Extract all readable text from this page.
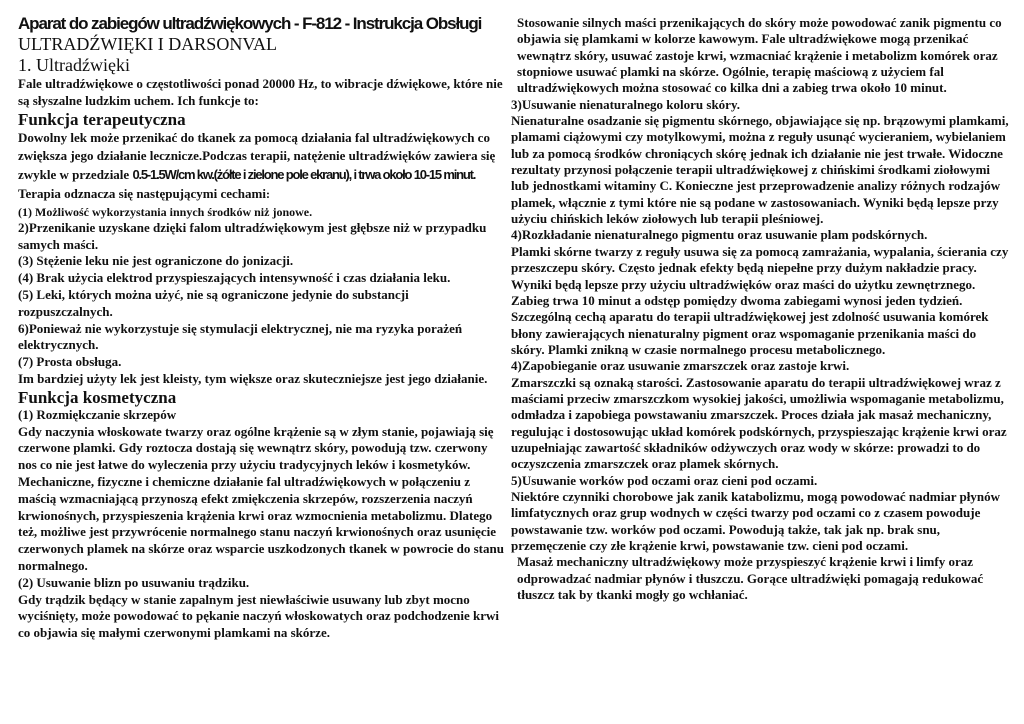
Aparat do zabiegów ultradźwiękowych - F-812 - Instrukcja Obsługi

ULTRADŹWIĘKI I DARSONVAL

1. Ultradźwięki

Fale ultradźwiękowe o częstotliwości ponad 20000 Hz, to wibracje dźwiękowe, które nie są słyszalne ludzkim uchem. Ich funkcje to:

Funkcja terapeutyczna

Dowolny lek może przenikać do tkanek za pomocą działania fal ultradźwiękowych co zwiększa jego działanie lecznicze.Podczas terapii, natężenie ultradźwięków zawiera się zwykle w przedziale 0.5-1.5W/cm kw.(żółte i zielone pole ekranu), i trwa około 10-15 minut. Terapia odznacza się następującymi cechami:

(1) Możliwość wykorzystania innych środków niż jonowe.

2)Przenikanie uzyskane dzięki falom ultradźwiękowym jest głębsze niż w przypadku samych maści.

(3) Stężenie leku nie jest ograniczone do jonizacji.

(4) Brak użycia elektrod przyspieszających intensywność i czas działania leku.

(5) Leki, których można użyć, nie są ograniczone jedynie do substancji rozpuszczalnych.

6)Ponieważ nie wykorzystuje się stymulacji elektrycznej, nie ma ryzyka porażeń elektrycznych.

(7) Prosta obsługa.

Im bardziej użyty lek jest kleisty, tym większe oraz skuteczniejsze jest jego działanie.

Funkcja kosmetyczna

(1) Rozmiękczanie skrzepów

Gdy naczynia włoskowate twarzy oraz ogólne krążenie są w złym stanie, pojawiają się czerwone plamki. Gdy roztocza dostają się wewnątrz skóry, powodują tzw. czerwony nos co nie jest łatwe do wyleczenia przy użyciu tradycyjnych leków i kosmetyków.

Mechaniczne, fizyczne i chemiczne działanie fal ultradźwiękowych w połączeniu z maścią wzmacniającą przynoszą efekt zmiękczenia skrzepów, rozszerzenia naczyń krwionośnych, przyspieszenia krążenia krwi oraz wzmocnienia metabolizmu. Dlatego też, możliwe jest przywrócenie normalnego stanu naczyń krwionośnych oraz usunięcie czerwonych plamek na skórze oraz wsparcie uszkodzonych tkanek w powrocie do stanu normalnego.

(2) Usuwanie blizn po usuwaniu trądziku.

Gdy trądzik będący w stanie zapalnym jest niewłaściwie usuwany lub zbyt mocno wyciśnięty, może powodować to pękanie naczyń włoskowatych oraz podchodzenie krwi co objawia się małymi czerwonymi plamkami na skórze.

Stosowanie silnych maści przenikających do skóry może powodować zanik pigmentu co objawia się plamkami w kolorze kawowym. Fale ultradźwiękowe mogą przenikać wewnątrz skóry, usuwać zastoje krwi, wzmacniać krążenie i metabolizm komórek oraz stopniowe usuwać plamki na skórze. Ogólnie, terapię maściową z użyciem fal ultradźwiękowych można stosować co kilka dni a zabieg trwa około 10 minut.

3)Usuwanie nienaturalnego koloru skóry.

Nienaturalne osadzanie się pigmentu skórnego, objawiające się np. brązowymi plamkami, plamami ciążowymi czy motylkowymi, można z reguły usunąć wycieraniem, wybielaniem lub za pomocą środków chroniących skórę jednak ich działanie nie jest trwałe. Widoczne rezultaty przynosi połączenie terapii ultradźwiękowej z chińskimi środkami ziołowymi lub jednostkami witaminy C. Konieczne jest przeprowadzenie analizy różnych rodzajów plamek, włącznie z tymi które nie są podane w zastosowaniach. Wyniki będą lepsze przy użyciu chińskich leków ziołowych lub terapii pleśniowej.

4)Rozkładanie nienaturalnego pigmentu oraz usuwanie plam podskórnych.

Plamki skórne twarzy z reguły usuwa się za pomocą zamrażania, wypalania, ścierania czy przeszczepu skóry. Często jednak efekty będą niepełne przy dużym nakładzie pracy. Wyniki będą lepsze przy użyciu ultradźwięków oraz maści do użytku zewnętrznego. Zabieg trwa 10 minut a odstęp pomiędzy dwoma zabiegami wynosi jeden tydzień. Szczególną cechą aparatu do terapii ultradźwiękowej jest zdolność usuwania komórek błony zawierających nienaturalny pigment oraz wspomaganie przenikania maści do skóry. Plamki znikną w czasie normalnego procesu metabolicznego.

4)Zapobieganie oraz usuwanie zmarszczek oraz zastoje krwi.

Zmarszczki są oznaką starości. Zastosowanie aparatu do terapii ultradźwiękowej wraz z maściami przeciw zmarszczkom wysokiej jakości, umożliwia wspomaganie metabolizmu, odmładza i zapobiega powstawaniu zmarszczek. Proces działa jak masaż mechaniczny, regulując i dostosowując układ komórek podskórnych, przyspieszając krążenie krwi oraz uzupełniając zawartość składników odżywczych oraz wody w skórze: prowadzi to do oczyszczenia zmarszczek oraz plamek skórnych.

5)Usuwanie worków pod oczami oraz cieni pod oczami.

Niektóre czynniki chorobowe jak zanik katabolizmu, mogą powodować nadmiar płynów limfatycznych oraz grup wodnych w części twarzy pod oczami co z czasem powoduje powstawanie tzw. worków pod oczami. Powodują także, tak jak np. brak snu, przemęczenie czy złe krążenie krwi, powstawanie tzw. cieni pod oczami.

Masaż mechaniczny ultradźwiękowy może przyspieszyć krążenie krwi i limfy oraz odprowadzać nadmiar płynów i tłuszczu. Gorące ultradźwięki pomagają redukować tłuszcz tak by tkanki mogły go wchłaniać.
